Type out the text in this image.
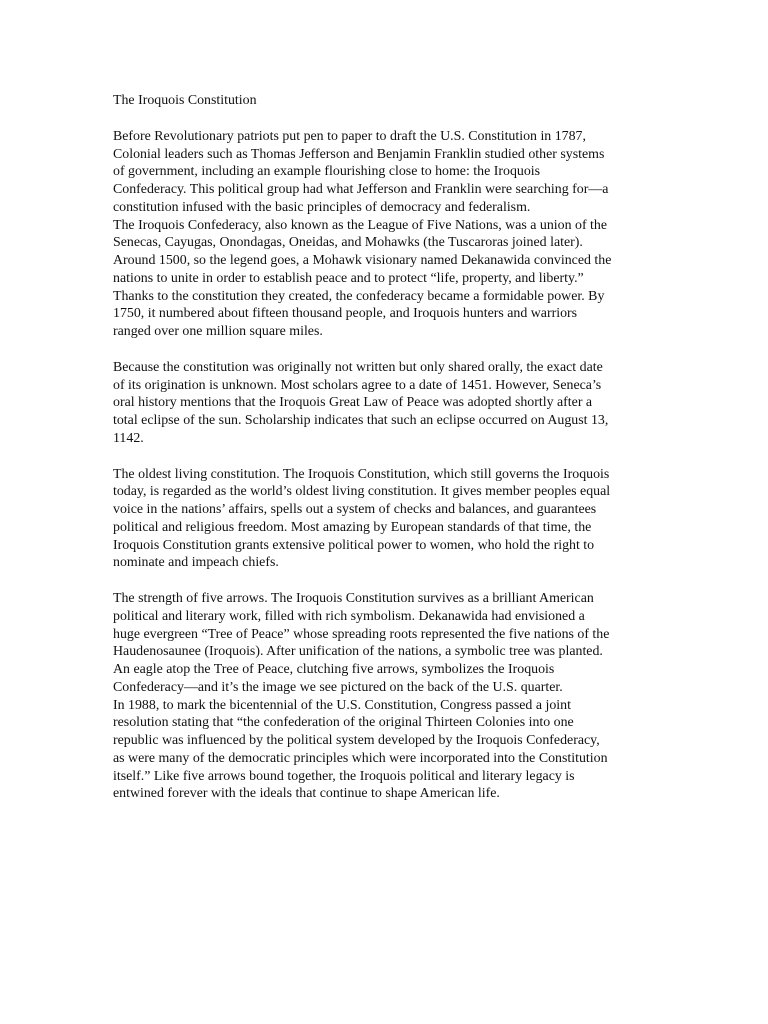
The Iroquois Constitution

Before Revolutionary patriots put pen to paper to draft the U.S. Constitution in 1787,
Colonial leaders such as Thomas Jefferson and Benjamin Franklin studied other systems
of government, including an example flourishing close to home: the Iroquois
Confederacy. This political group had what Jefferson and Franklin were searching for—a
constitution infused with the basic principles of democracy and federalism.

The Iroquois Confederacy, also known as the League of Five Nations, was a union of the
Senecas, Cayugas, Onondagas, Oneidas, and Mohawks (the Tuscaroras joined later).
Around 1500, so the legend goes, a Mohawk visionary named Dekanawida convinced the
nations to unite in order to establish peace and to protect “life, property, and liberty.”
Thanks to the constitution they created, the confederacy became a formidable power. By
1750, it numbered about fifteen thousand people, and Iroquois hunters and warriors
ranged over one million square miles.

Because the constitution was originally not written but only shared orally, the exact date
of its origination is unknown. Most scholars agree to a date of 1451. However, Seneca’s
oral history mentions that the Iroquois Great Law of Peace was adopted shortly after a
total eclipse of the sun. Scholarship indicates that such an eclipse occurred on August 13,
1142.

The oldest living constitution. The Iroquois Constitution, which still governs the Iroquois
today, is regarded as the world’s oldest living constitution. It gives member peoples equal
voice in the nations’ affairs, spells out a system of checks and balances, and guarantees
political and religious freedom. Most amazing by European standards of that time, the
Iroquois Constitution grants extensive political power to women, who hold the right to
nominate and impeach chiefs.

The strength of five arrows. The Iroquois Constitution survives as a brilliant American
political and literary work, filled with rich symbolism. Dekanawida had envisioned a
huge evergreen “Tree of Peace” whose spreading roots represented the five nations of the
Haudenosaunee (Iroquois). After unification of the nations, a symbolic tree was planted.
An eagle atop the Tree of Peace, clutching five arrows, symbolizes the Iroquois
Confederacy—and it’s the image we see pictured on the back of the U.S. quarter.

In 1988, to mark the bicentennial of the U.S. Constitution, Congress passed a joint
resolution stating that “the confederation of the original Thirteen Colonies into one
republic was influenced by the political system developed by the Iroquois Confederacy,
as were many of the democratic principles which were incorporated into the Constitution
itself.” Like five arrows bound together, the Iroquois political and literary legacy is
entwined forever with the ideals that continue to shape American life.
